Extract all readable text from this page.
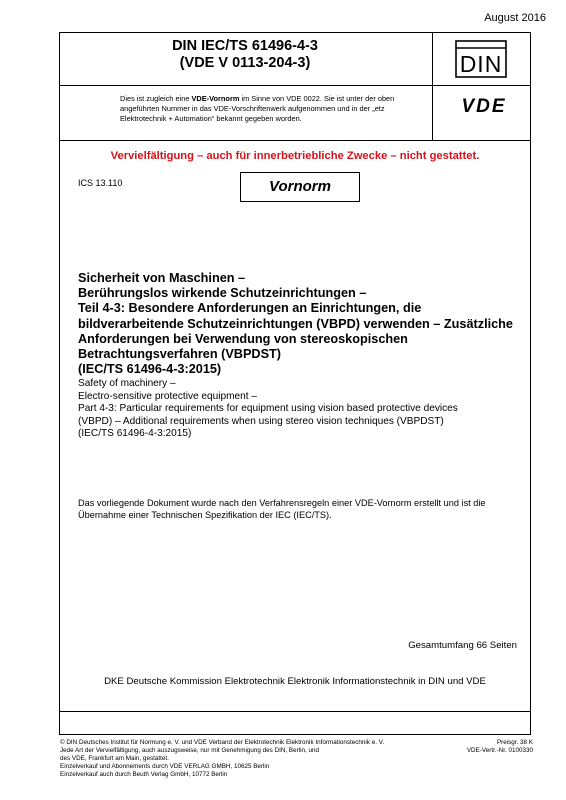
August 2016
DIN IEC/TS 61496-4-3
(VDE V 0113-204-3)	DIN
Dies ist zugleich eine VDE-Vornorm im Sinne von VDE 0022. Sie ist unter der oben angeführten Nummer in das VDE-Vorschriftenwerk aufgenommen und in der „etz Elektrotechnik + Automation“ bekannt gegeben worden.
VDE
Vervielfältigung – auch für innerbetriebliche Zwecke – nicht gestattet.
ICS 13.110	Vornorm
Sicherheit von Maschinen –
Berührungslos wirkende Schutzeinrichtungen –
Teil 4-3: Besondere Anforderungen an Einrichtungen, die
bildverarbeitende Schutzeinrichtungen (VBPD) verwenden – Zusätzliche
Anforderungen bei Verwendung von stereoskopischen
Betrachtungsverfahren (VBPDST)
(IEC/TS 61496-4-3:2015)
Safety of machinery –
Electro-sensitive protective equipment –
Part 4-3: Particular requirements for equipment using vision based protective devices
(VBPD) – Additional requirements when using stereo vision techniques (VBPDST)
(IEC/TS 61496-4-3:2015)
Das vorliegende Dokument wurde nach den Verfahrensregeln einer VDE-Vornorm erstellt und ist die Übernahme einer Technischen Spezifikation der IEC (IEC/TS).
Gesamtumfang 66 Seiten
DKE Deutsche Kommission Elektrotechnik Elektronik Informationstechnik in DIN und VDE
© DIN Deutsches Institut für Normung e. V. und VDE Verband der Elektrotechnik Elektronik Informationstechnik e. V.
Jede Art der Vervielfältigung, auch auszugsweise, nur mit Genehmigung des DIN, Berlin, und
des VDE, Frankfurt am Main, gestattet.
Einzelverkauf und Abonnements durch VDE VERLAG GMBH, 10625 Berlin
Einzelverkauf auch durch Beuth Verlag GmbH, 10772 Berlin
Preisgr. 38 K
VDE-Vertr.-Nr. 0100330
